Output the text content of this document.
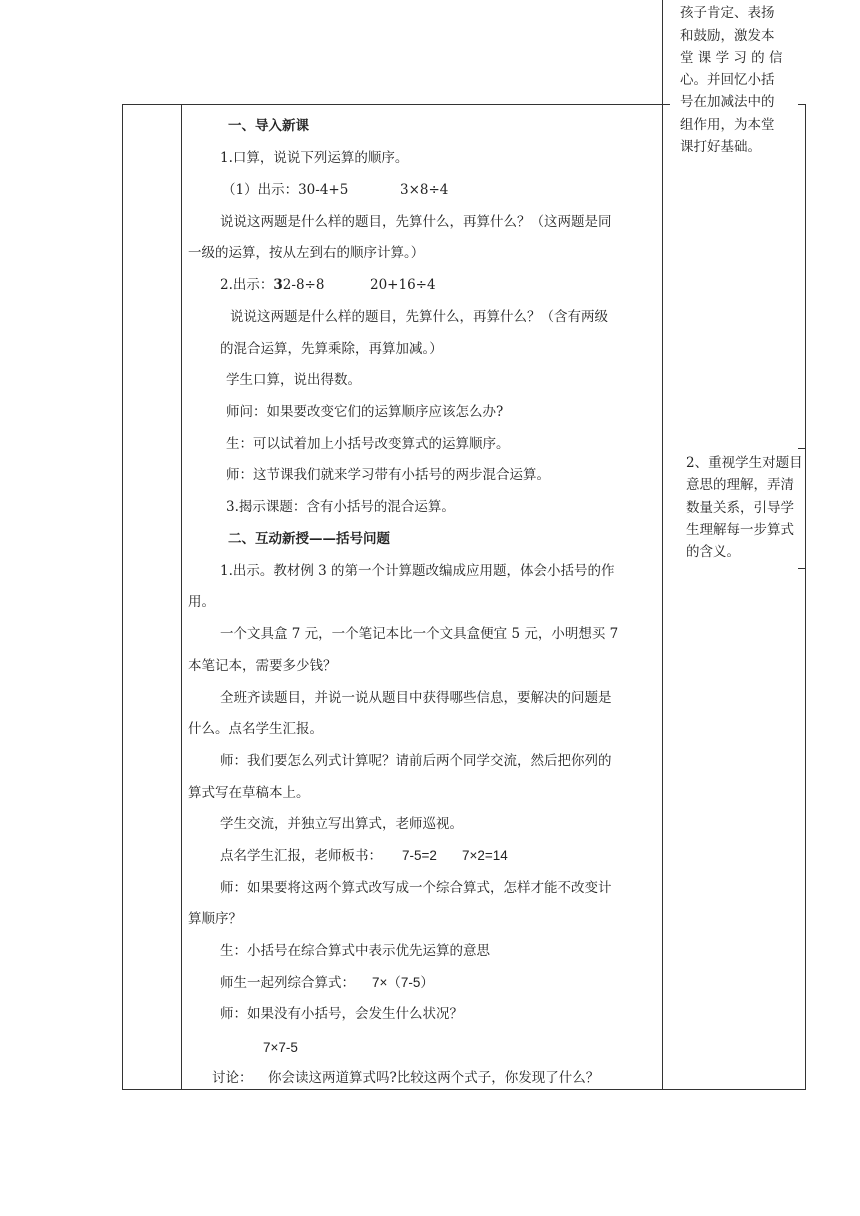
孩子肯定、表扬
和鼓励，激发本
堂 课 学 习 的 信
心。并回忆小括
号在加减法中的
组作用，为本堂
课打好基础。
2、重视学生对题目
意思的理解，弄清
数量关系，引导学
生理解每一步算式
的含义。
一、导入新课
1.口算，说说下列运算的顺序。
（1）出示：30-4+5	3×8÷4
说说这两题是什么样的题目，先算什么，再算什么？（这两题是同
一级的运算，按从左到右的顺序计算。）
2.出示：32-8÷8	20+16÷4
说说这两题是什么样的题目，先算什么，再算什么？（含有两级
的混合运算，先算乘除，再算加减。）
学生口算，说出得数。
师问：如果要改变它们的运算顺序应该怎么办?
生：可以试着加上小括号改变算式的运算顺序。
师：这节课我们就来学习带有小括号的两步混合运算。
3.揭示课题：含有小括号的混合运算。
二、互动新授——括号问题
1.出示。教材例 3 的第一个计算题改编成应用题，体会小括号的作
用。
一个文具盒 7 元，一个笔记本比一个文具盒便宜 5 元，小明想买 7
本笔记本，需要多少钱？
全班齐读题目，并说一说从题目中获得哪些信息，要解决的问题是
什么。点名学生汇报。
师：我们要怎么列式计算呢？请前后两个同学交流，然后把你列的
算式写在草稿本上。
学生交流，并独立写出算式，老师巡视。
点名学生汇报，老师板书： 7-5=2 7×2=14
师：如果要将这两个算式改写成一个综合算式，怎样才能不改变计
算顺序？
生：小括号在综合算式中表示优先运算的意思
师生一起列综合算式： 7×（7-5）
师：如果没有小括号，会发生什么状况？
7×7-5
讨论： 你会读这两道算式吗?比较这两个式子，你发现了什么？
